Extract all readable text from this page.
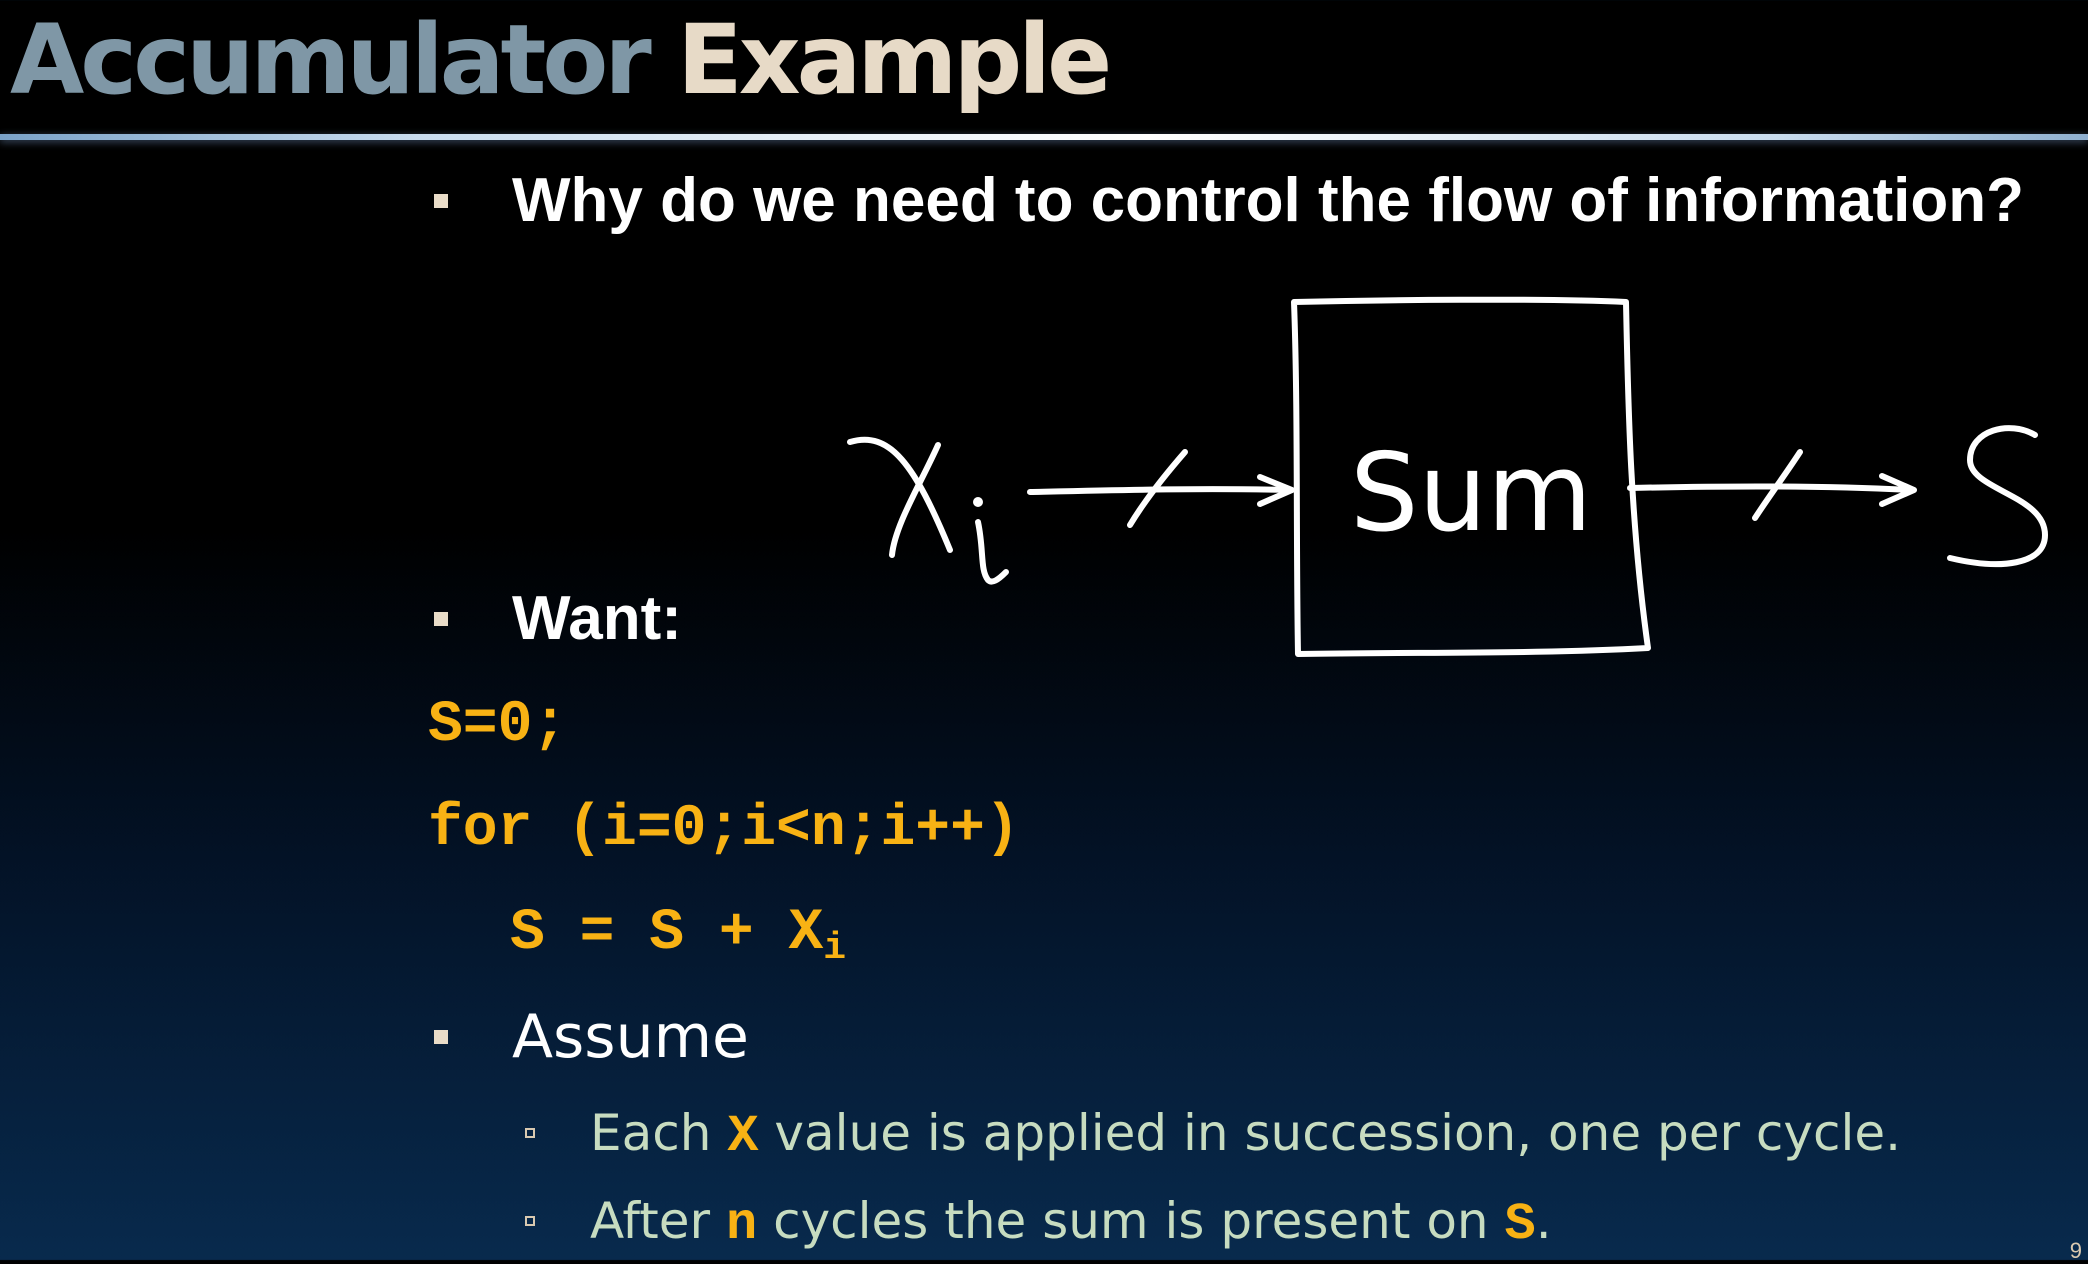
Accumulator Example
Why do we need to control the flow of information?
Sum
Want:
S=0;
for (i=0;i<n;i++)
$S = S + X_i$
Assume
Each X value is applied in succession, one per cycle.
After n cycles the sum is present on S.
9
